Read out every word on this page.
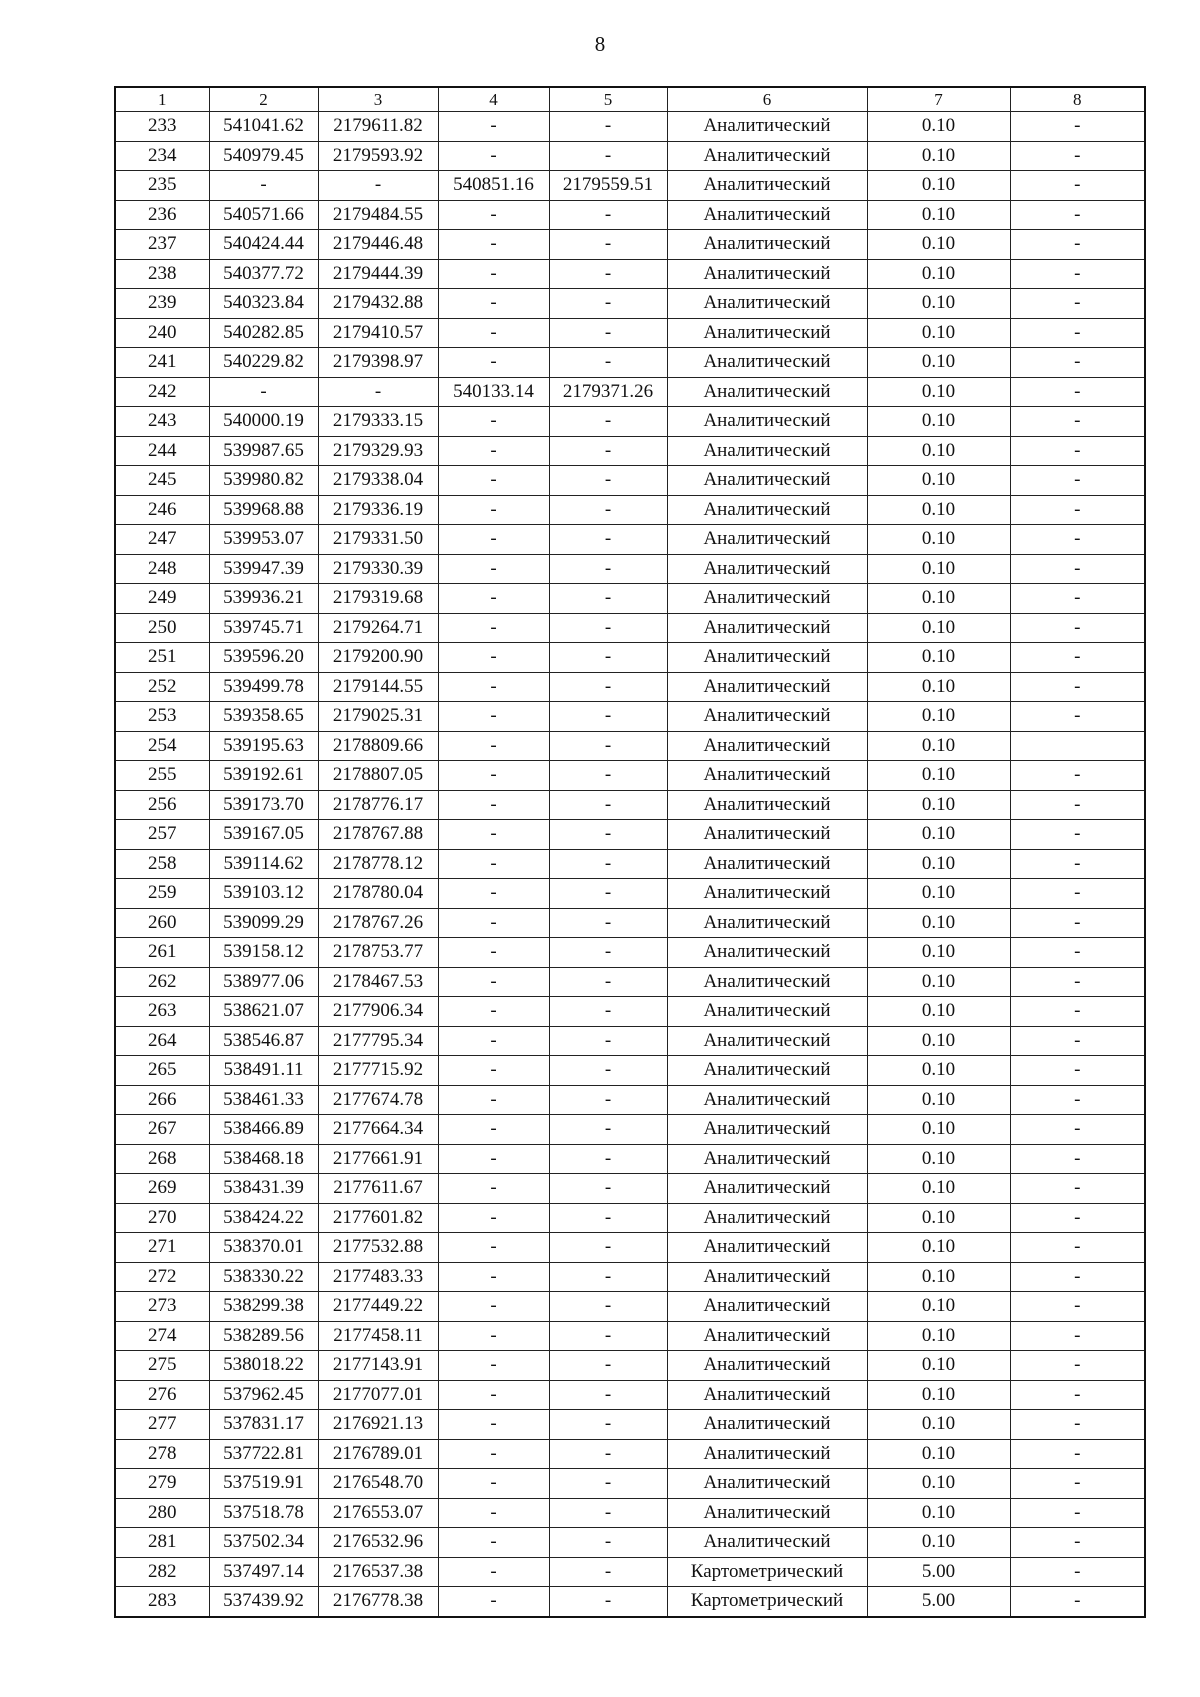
8
1	2	3	4	5	6	7	8
233	541041.62	2179611.82	-	-	Аналитический	0.10	-
234	540979.45	2179593.92	-	-	Аналитический	0.10	-
235	-	-	540851.16	2179559.51	Аналитический	0.10	-
236	540571.66	2179484.55	-	-	Аналитический	0.10	-
237	540424.44	2179446.48	-	-	Аналитический	0.10	-
238	540377.72	2179444.39	-	-	Аналитический	0.10	-
239	540323.84	2179432.88	-	-	Аналитический	0.10	-
240	540282.85	2179410.57	-	-	Аналитический	0.10	-
241	540229.82	2179398.97	-	-	Аналитический	0.10	-
242	-	-	540133.14	2179371.26	Аналитический	0.10	-
243	540000.19	2179333.15	-	-	Аналитический	0.10	-
244	539987.65	2179329.93	-	-	Аналитический	0.10	-
245	539980.82	2179338.04	-	-	Аналитический	0.10	-
246	539968.88	2179336.19	-	-	Аналитический	0.10	-
247	539953.07	2179331.50	-	-	Аналитический	0.10	-
248	539947.39	2179330.39	-	-	Аналитический	0.10	-
249	539936.21	2179319.68	-	-	Аналитический	0.10	-
250	539745.71	2179264.71	-	-	Аналитический	0.10	-
251	539596.20	2179200.90	-	-	Аналитический	0.10	-
252	539499.78	2179144.55	-	-	Аналитический	0.10	-
253	539358.65	2179025.31	-	-	Аналитический	0.10	-
254	539195.63	2178809.66	-	-	Аналитический	0.10	
255	539192.61	2178807.05	-	-	Аналитический	0.10	-
256	539173.70	2178776.17	-	-	Аналитический	0.10	-
257	539167.05	2178767.88	-	-	Аналитический	0.10	-
258	539114.62	2178778.12	-	-	Аналитический	0.10	-
259	539103.12	2178780.04	-	-	Аналитический	0.10	-
260	539099.29	2178767.26	-	-	Аналитический	0.10	-
261	539158.12	2178753.77	-	-	Аналитический	0.10	-
262	538977.06	2178467.53	-	-	Аналитический	0.10	-
263	538621.07	2177906.34	-	-	Аналитический	0.10	-
264	538546.87	2177795.34	-	-	Аналитический	0.10	-
265	538491.11	2177715.92	-	-	Аналитический	0.10	-
266	538461.33	2177674.78	-	-	Аналитический	0.10	-
267	538466.89	2177664.34	-	-	Аналитический	0.10	-
268	538468.18	2177661.91	-	-	Аналитический	0.10	-
269	538431.39	2177611.67	-	-	Аналитический	0.10	-
270	538424.22	2177601.82	-	-	Аналитический	0.10	-
271	538370.01	2177532.88	-	-	Аналитический	0.10	-
272	538330.22	2177483.33	-	-	Аналитический	0.10	-
273	538299.38	2177449.22	-	-	Аналитический	0.10	-
274	538289.56	2177458.11	-	-	Аналитический	0.10	-
275	538018.22	2177143.91	-	-	Аналитический	0.10	-
276	537962.45	2177077.01	-	-	Аналитический	0.10	-
277	537831.17	2176921.13	-	-	Аналитический	0.10	-
278	537722.81	2176789.01	-	-	Аналитический	0.10	-
279	537519.91	2176548.70	-	-	Аналитический	0.10	-
280	537518.78	2176553.07	-	-	Аналитический	0.10	-
281	537502.34	2176532.96	-	-	Аналитический	0.10	-
282	537497.14	2176537.38	-	-	Картометрический	5.00	-
283	537439.92	2176778.38	-	-	Картометрический	5.00	-
